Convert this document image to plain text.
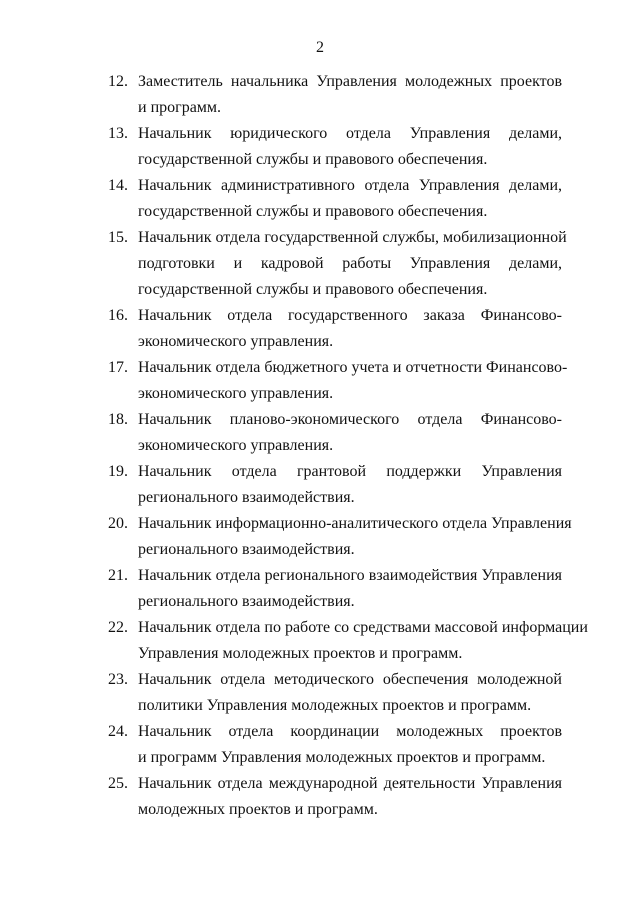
2
12. Заместитель начальника Управления молодежных проектов
и программ.
13. Начальник юридического отдела Управления делами,
государственной службы и правового обеспечения.
14. Начальник административного отдела Управления делами,
государственной службы и правового обеспечения.
15. Начальник отдела государственной службы, мобилизационной
подготовки и кадровой работы Управления делами,
государственной службы и правового обеспечения.
16. Начальник отдела государственного заказа Финансово-
экономического управления.
17. Начальник отдела бюджетного учета и отчетности Финансово-
экономического управления.
18. Начальник планово-экономического отдела Финансово-
экономического управления.
19. Начальник отдела грантовой поддержки Управления
регионального взаимодействия.
20. Начальник информационно-аналитического отдела Управления
регионального взаимодействия.
21. Начальник отдела регионального взаимодействия Управления
регионального взаимодействия.
22. Начальник отдела по работе со средствами массовой информации
Управления молодежных проектов и программ.
23. Начальник отдела методического обеспечения молодежной
политики Управления молодежных проектов и программ.
24. Начальник отдела координации молодежных проектов
и программ Управления молодежных проектов и программ.
25. Начальник отдела международной деятельности Управления
молодежных проектов и программ.
